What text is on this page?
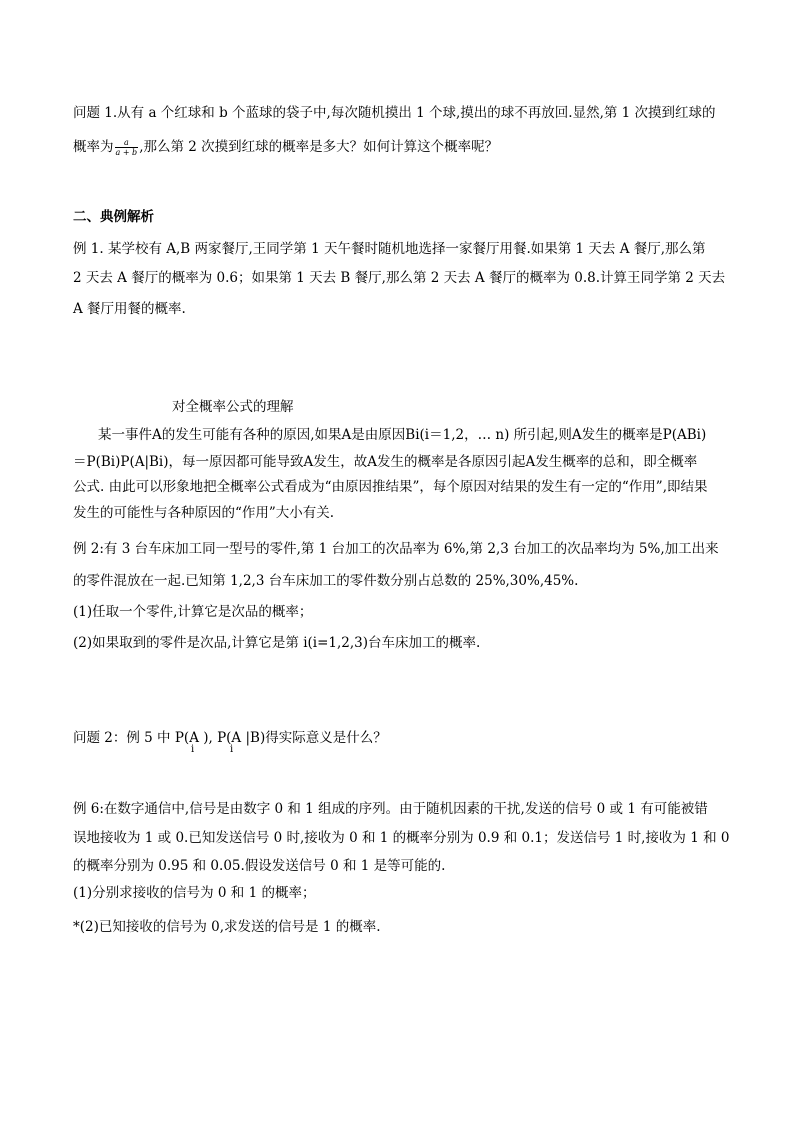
问题 1.从有 a 个红球和 b 个蓝球的袋子中,每次随机摸出 1 个球,摸出的球不再放回.显然,第 1 次摸到红球的
概率为 $\frac{a}{a + b}$ ,那么第 2 次摸到红球的概率是多大？如何计算这个概率呢？
二、典例解析
例 1. 某学校有 A,B 两家餐厅,王同学第 1 天午餐时随机地选择一家餐厅用餐.如果第 1 天去 A 餐厅,那么第
2 天去 A 餐厅的概率为 0.6；如果第 1 天去 B 餐厅,那么第 2 天去 A 餐厅的概率为 0.8.计算王同学第 2 天去
A 餐厅用餐的概率.
对全概率公式的理解
某一事件A的发生可能有各种的原因,如果A是由原因Bi(i＝1,2，… n) 所引起,则A发生的概率是P(ABi)
＝P(Bi)P(A|Bi)，每一原因都可能导致A发生，故A发生的概率是各原因引起A发生概率的总和，即全概率
公式. 由此可以形象地把全概率公式看成为“由原因推结果”，每个原因对结果的发生有一定的“作用”,即结果
发生的可能性与各种原因的“作用”大小有关.
例 2:有 3 台车床加工同一型号的零件,第 1 台加工的次品率为 6%,第 2,3 台加工的次品率均为 5%,加工出来
的零件混放在一起.已知第 1,2,3 台车床加工的零件数分别占总数的 25%,30%,45%.
(1)任取一个零件,计算它是次品的概率；
(2)如果取到的零件是次品,计算它是第 i(i=1,2,3)台车床加工的概率.
问题 2：例 5 中 P(A ), P(A |B)得实际意义是什么？
i	i
例 6:在数字通信中,信号是由数字 0 和 1 组成的序列。由于随机因素的干扰,发送的信号 0 或 1 有可能被错
误地接收为 1 或 0.已知发送信号 0 时,接收为 0 和 1 的概率分别为 0.9 和 0.1；发送信号 1 时,接收为 1 和 0
的概率分别为 0.95 和 0.05.假设发送信号 0 和 1 是等可能的.
(1)分别求接收的信号为 0 和 1 的概率；
*(2)已知接收的信号为 0,求发送的信号是 1 的概率.
